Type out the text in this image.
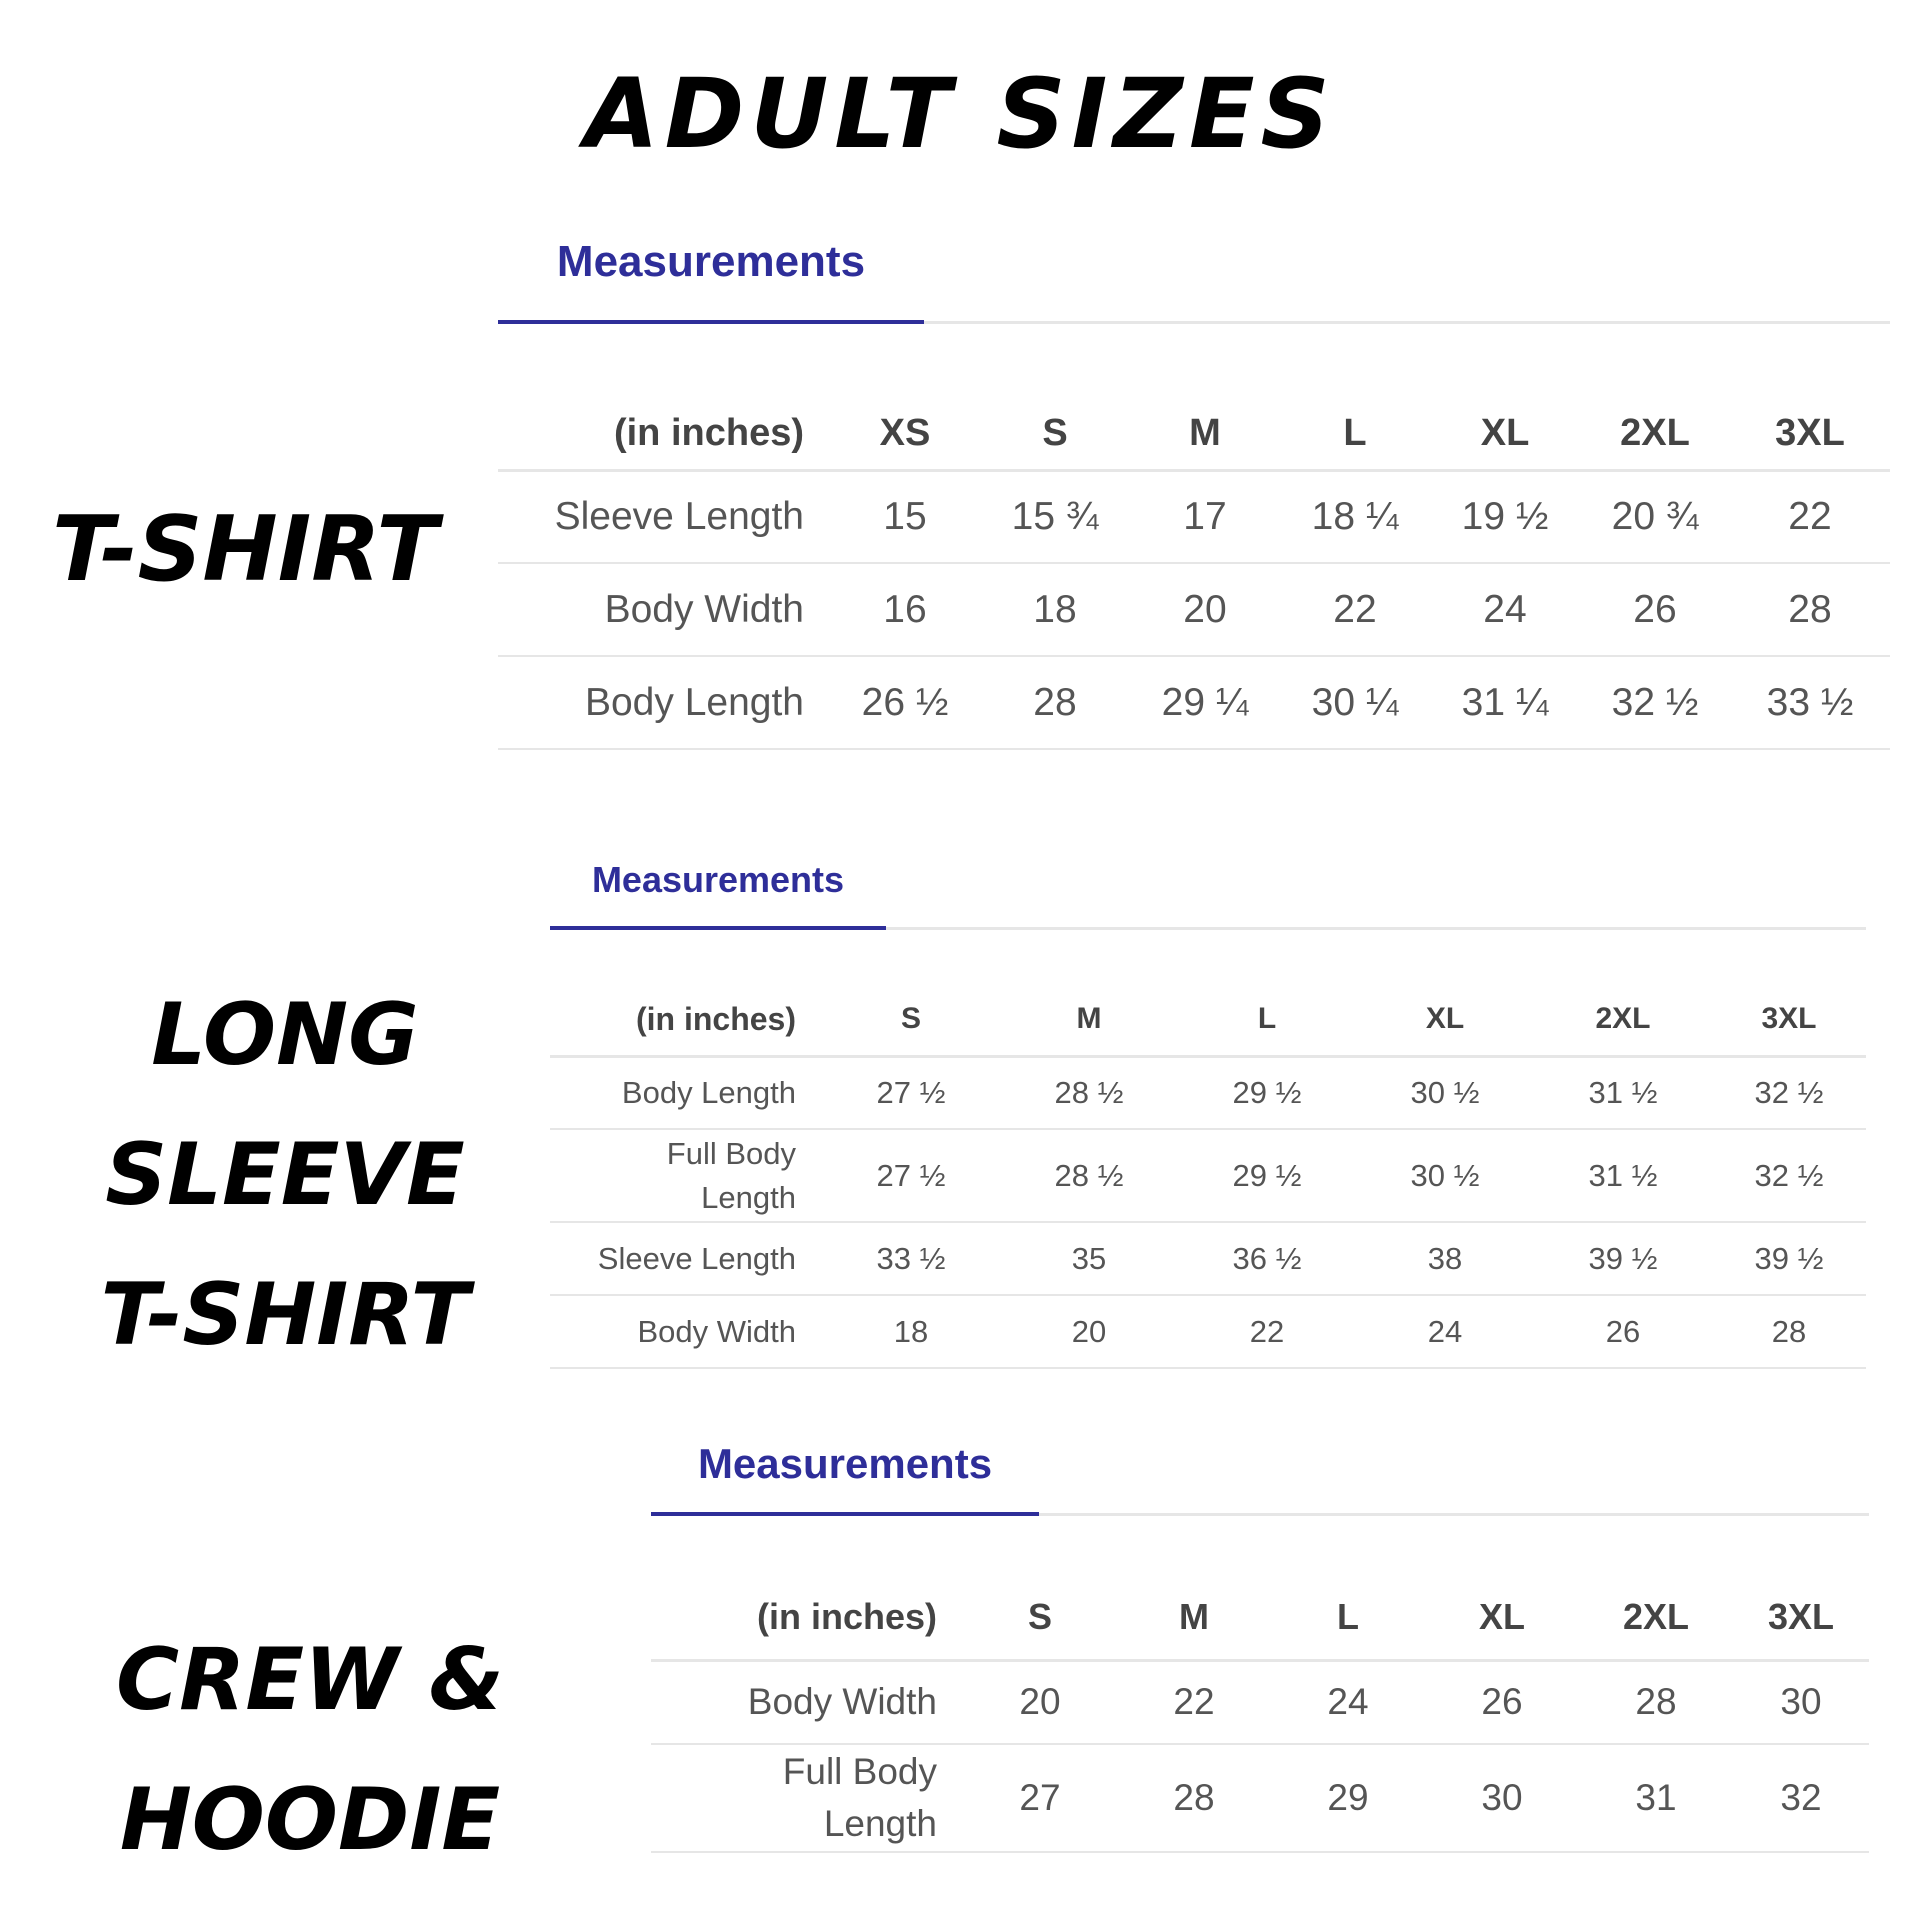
ADULT SIZES
T-SHIRT
LONG
SLEEVE
T-SHIRT
CREW &
HOODIE
Measurements
(in inches)	XS	S	M	L	XL	2XL	3XL
Sleeve Length	15	15 ¾	17	18 ¼	19 ½	20 ¾	22
Body Width	16	18	20	22	24	26	28
Body Length	26 ½	28	29 ¼	30 ¼	31 ¼	32 ½	33 ½
Measurements
(in inches)	S	M	L	XL	2XL	3XL
Body Length	27 ½	28 ½	29 ½	30 ½	31 ½	32 ½
Full Body
Length	27 ½	28 ½	29 ½	30 ½	31 ½	32 ½
Sleeve Length	33 ½	35	36 ½	38	39 ½	39 ½
Body Width	18	20	22	24	26	28
Measurements
(in inches)	S	M	L	XL	2XL	3XL
Body Width	20	22	24	26	28	30
Full Body
Length	27	28	29	30	31	32
